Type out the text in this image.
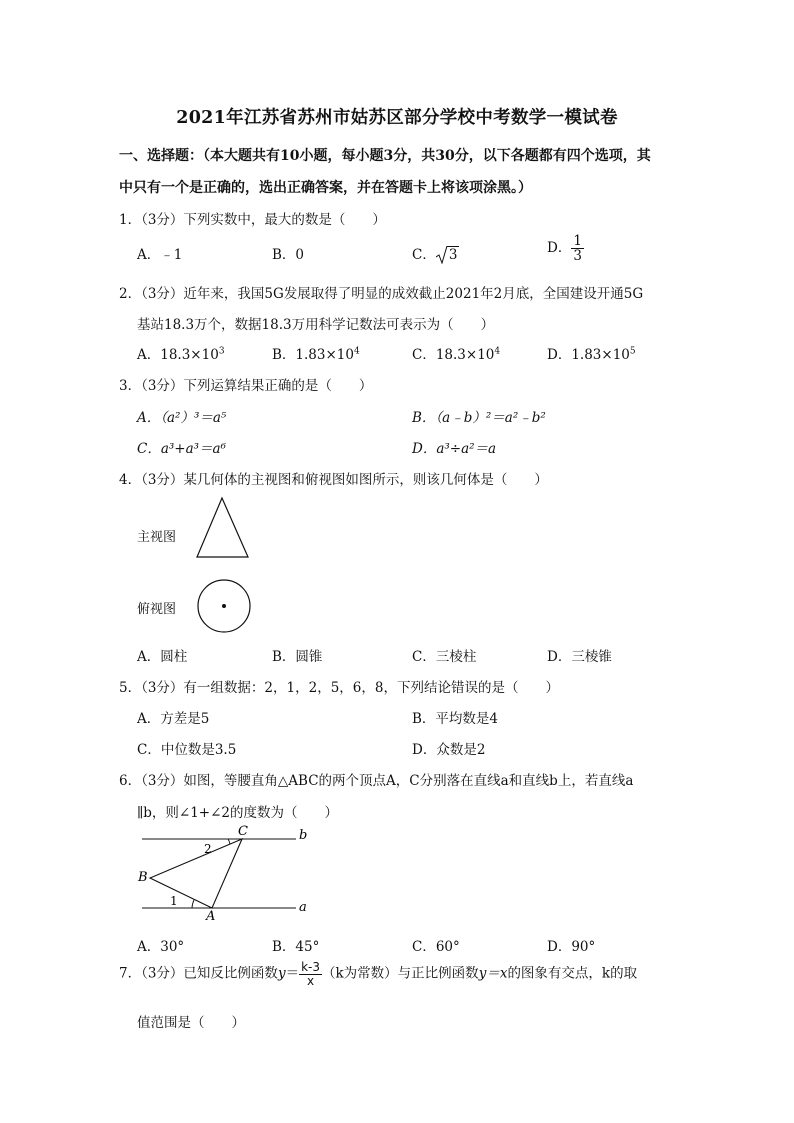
2021年江苏省苏州市姑苏区部分学校中考数学一模试卷
一、选择题：（本大题共有10小题，每小题3分，共30分，以下各题都有四个选项，其
中只有一个是正确的，选出正确答案，并在答题卡上将该项涂黑。）
1．（3分）下列实数中，最大的数是（　　）
A．﹣1	B．0	C． 3	D． $\frac{1}{3}$
2．（3分）近年来，我国5G发展取得了明显的成效截止2021年2月底，全国建设开通5G
基站18.3万个，数据18.3万用科学记数法可表示为（　　）
A．$18.3\times 10^3$	B．$1.83\times 10^4$	C．$18.3\times 10^4$	D．$1.83\times 10^5$
3．（3分）下列运算结果正确的是（　　）
A．（a²）³＝a⁵	B．（a﹣b）²＝a²﹣b²
C．a³+a³＝a⁶	D．a³÷a²＝a
4．（3分）某几何体的主视图和俯视图如图所示，则该几何体是（　　）
主视图
俯视图
A．圆柱	B．圆锥	C．三棱柱	D．三棱锥
5．（3分）有一组数据：2，1，2，5，6，8，下列结论错误的是（　　）
A．方差是5	B．平均数是4
C．中位数是3.5	D．众数是2
6．（3分）如图，等腰直角△ABC的两个顶点A，C分别落在直线a和直线b上，若直线a
∥b，则∠1+∠2的度数为（　　）
C	b
B
A
a
1
2
A．30°	B．45°	C．60°	D．90°
7．（3分）已知反比例函数$y= \frac{k-3}{x} (k$为常数）与正比例函数y＝x的图象有交点，k的取
值范围是（　　）
